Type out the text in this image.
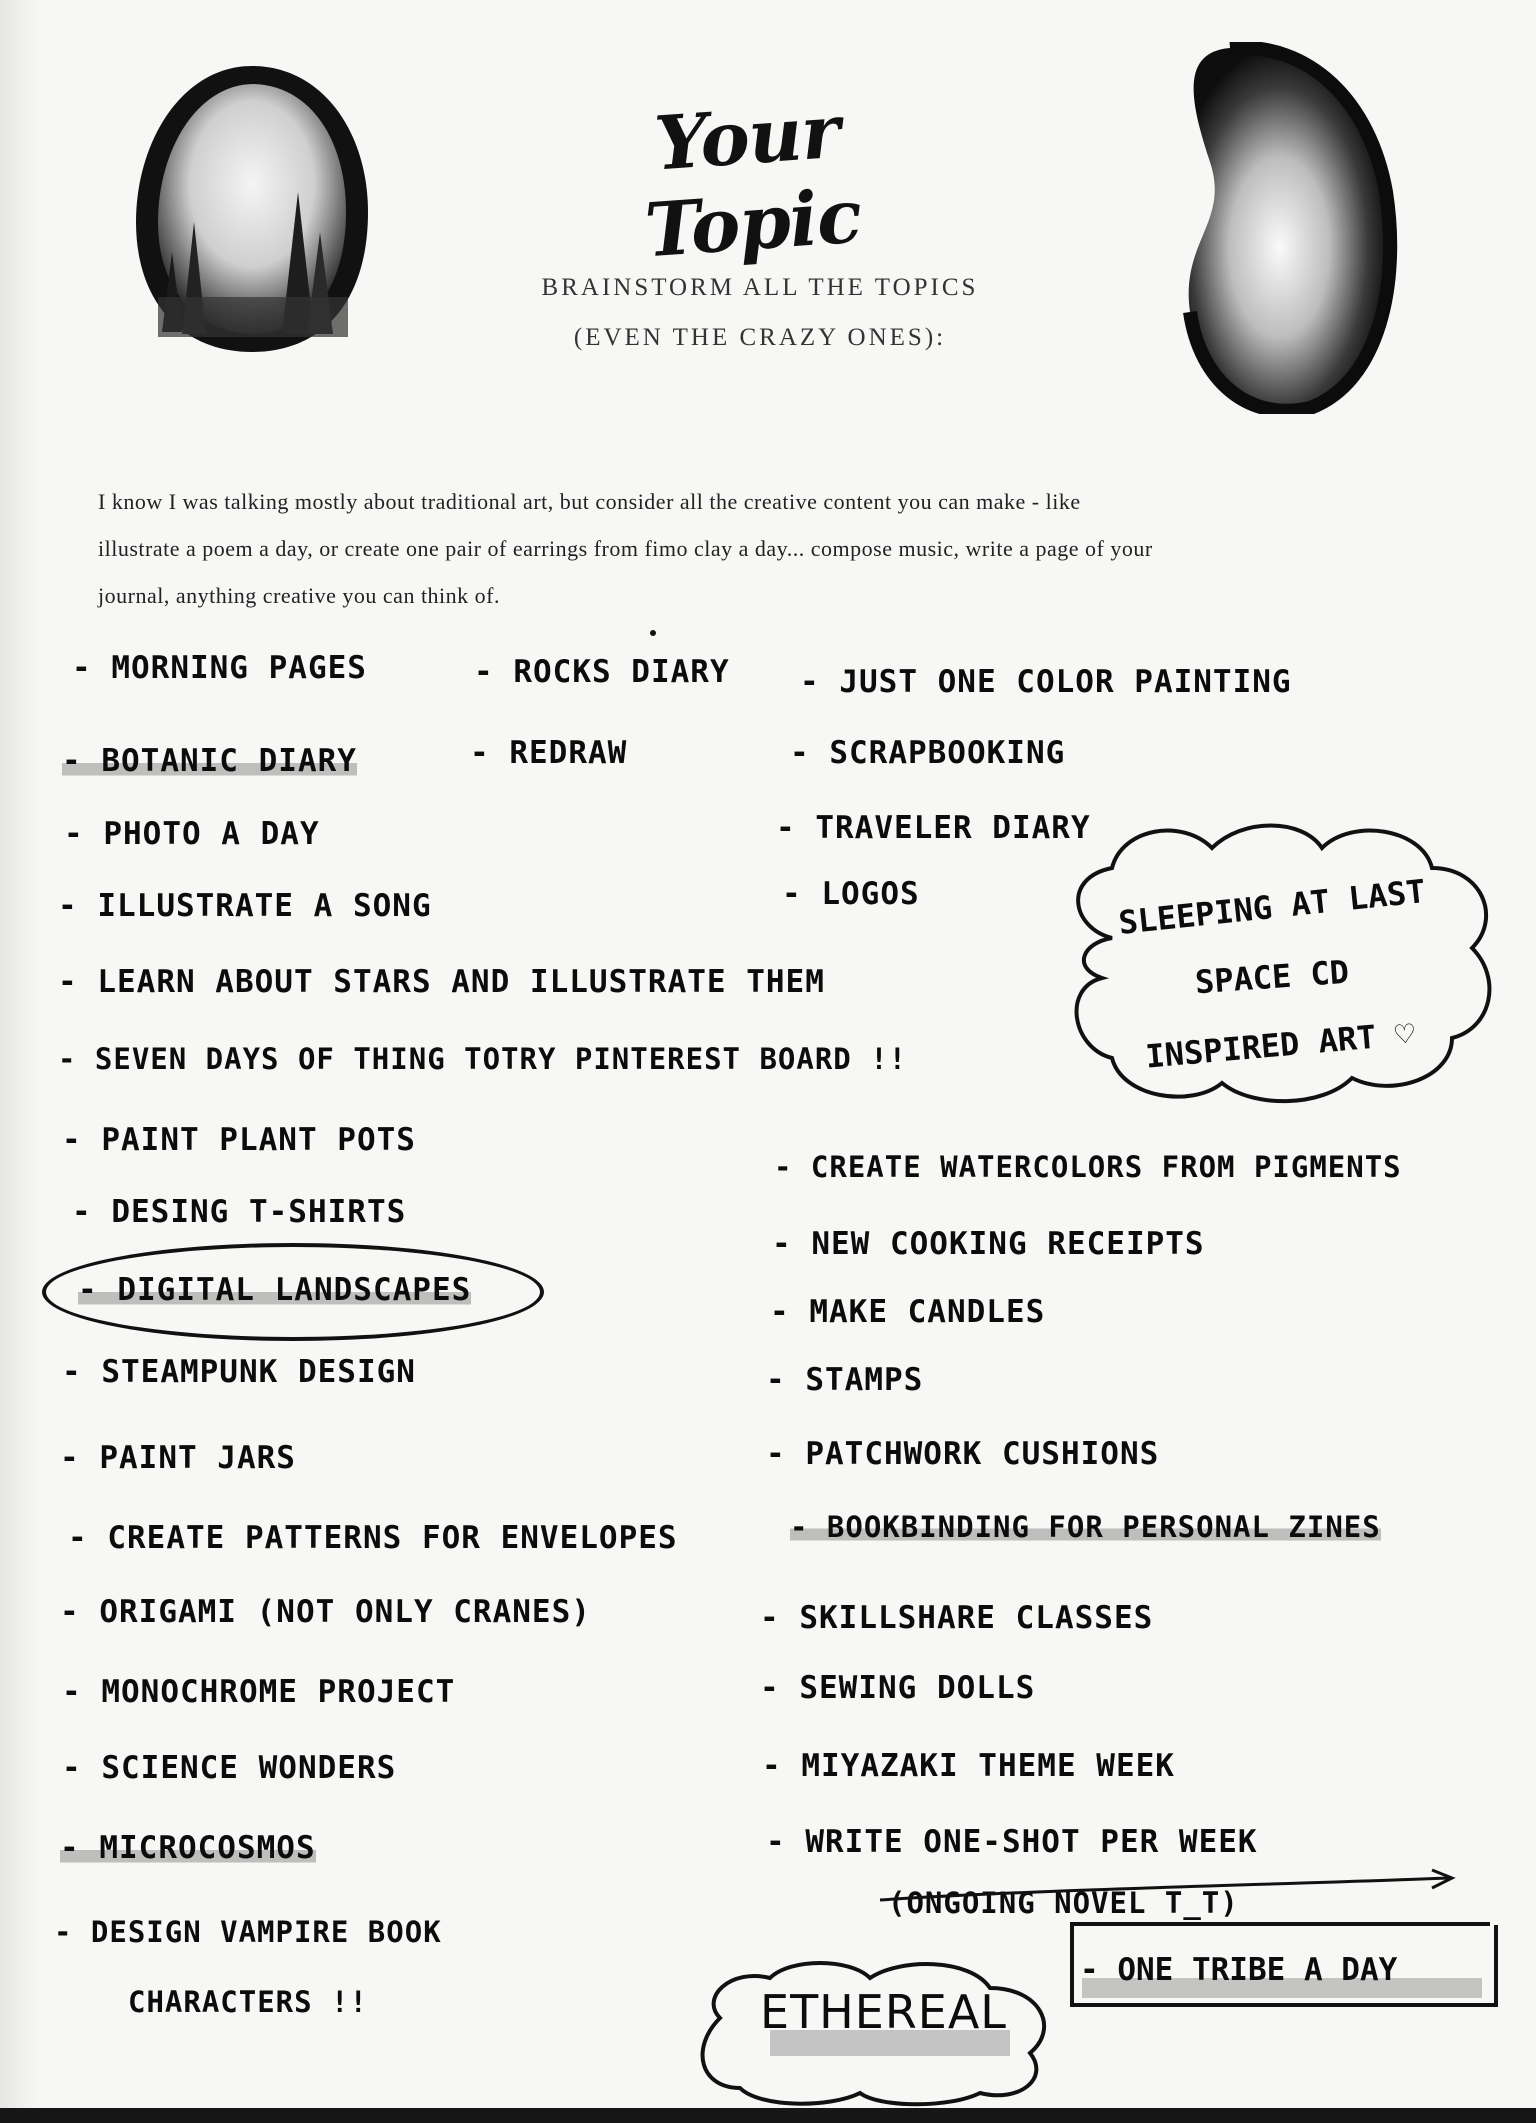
Your Topic
BRAINSTORM ALL THE TOPICS
(EVEN THE CRAZY ONES):
I know I was talking mostly about traditional art, but consider all the creative content you can make - like
illustrate a poem a day, or create one pair of earrings from fimo clay a day... compose music, write a page of your
journal, anything creative you can think of.
- MORNING PAGES
- BOTANIC DIARY
- PHOTO A DAY
- ILLUSTRATE A SONG
- LEARN ABOUT STARS AND ILLUSTRATE THEM
- SEVEN DAYS OF THING TOTRY PINTEREST BOARD !!
- PAINT PLANT POTS
- DESING T-SHIRTS
- DIGITAL LANDSCAPES
- STEAMPUNK DESIGN
- PAINT JARS
- CREATE PATTERNS FOR ENVELOPES
- ORIGAMI (NOT ONLY CRANES)
- MONOCHROME PROJECT
- SCIENCE WONDERS
- MICROCOSMOS
- DESIGN VAMPIRE BOOK
CHARACTERS !!
- ROCKS DIARY
- REDRAW
- JUST ONE COLOR PAINTING
- SCRAPBOOKING
- TRAVELER DIARY
- LOGOS
- CREATE WATERCOLORS FROM PIGMENTS
- NEW COOKING RECEIPTS
- MAKE CANDLES
- STAMPS
- PATCHWORK CUSHIONS
- BOOKBINDING FOR PERSONAL ZINES
- SKILLSHARE CLASSES
- SEWING DOLLS
- MIYAZAKI THEME WEEK
- WRITE ONE-SHOT PER WEEK
(ONGOING NOVEL T_T)
SLEEPING AT LAST
SPACE CD
INSPIRED ART ♡
ETHEREAL
- ONE TRIBE A DAY
